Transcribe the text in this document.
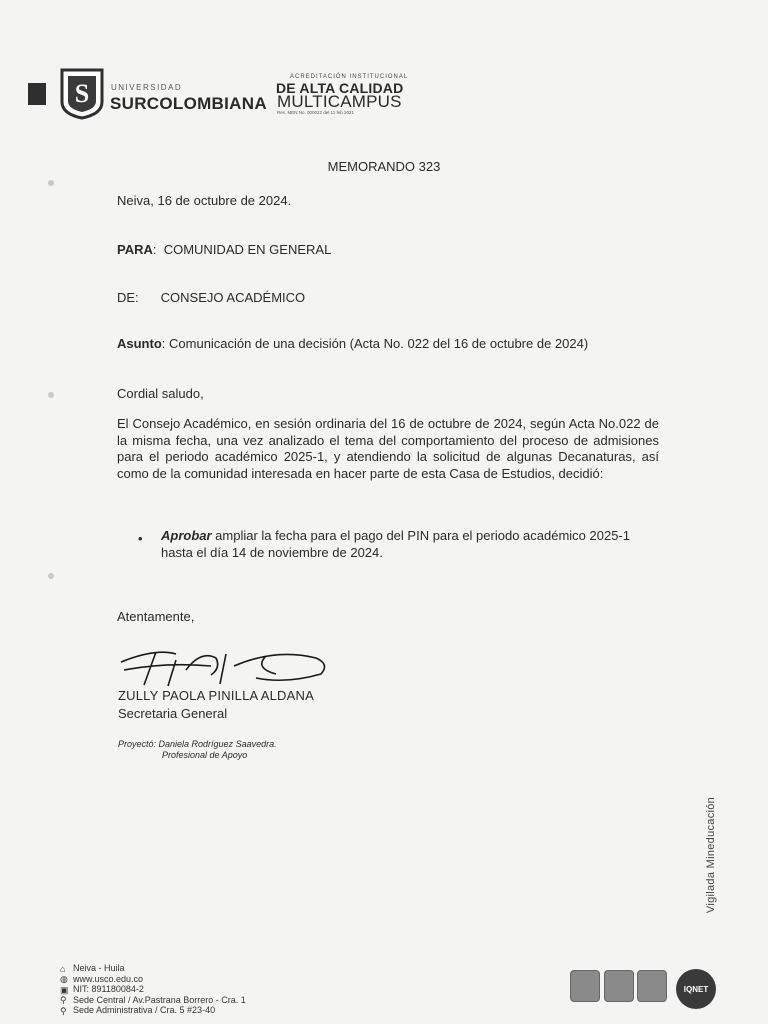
S	UNIVERSIDAD
SURCOLOMBIANA
ACREDITACIÓN INSTITUCIONAL
DE ALTA CALIDAD
MULTICAMPUS
Res. MEN No. 000022 del 11 feb 2021
MEMORANDO 323
Neiva, 16 de octubre de 2024.
PARA:  COMUNIDAD EN GENERAL
DE: CONSEJO ACADÉMICO
Asunto: Comunicación de una decisión (Acta No. 022 del 16 de octubre de 2024)
Cordial saludo,
El Consejo Académico, en sesión ordinaria del 16 de octubre de 2024, según Acta No.022 de la misma fecha, una vez analizado el tema del comportamiento del proceso de admisiones para el periodo académico 2025-1, y atendiendo la solicitud de algunas Decanaturas, así como de la comunidad interesada en hacer parte de esta Casa de Estudios, decidió:
• Aprobar ampliar la fecha para el pago del PIN para el periodo académico 2025-1 hasta el día 14 de noviembre de 2024.
Atentamente,
ZULLY PAOLA PINILLA ALDANA
Secretaria General
Proyectó: Daniela Rodríguez Saavedra.
Profesional de Apoyo
Vigilada Mineducación
⌂ Neiva - Huila
◍ www.usco.edu.co
▣ NIT: 891180084-2
⚲ Sede Central / Av.Pastrana Borrero - Cra. 1
⚲ Sede Administrativa / Cra. 5 #23-40
IQNET
